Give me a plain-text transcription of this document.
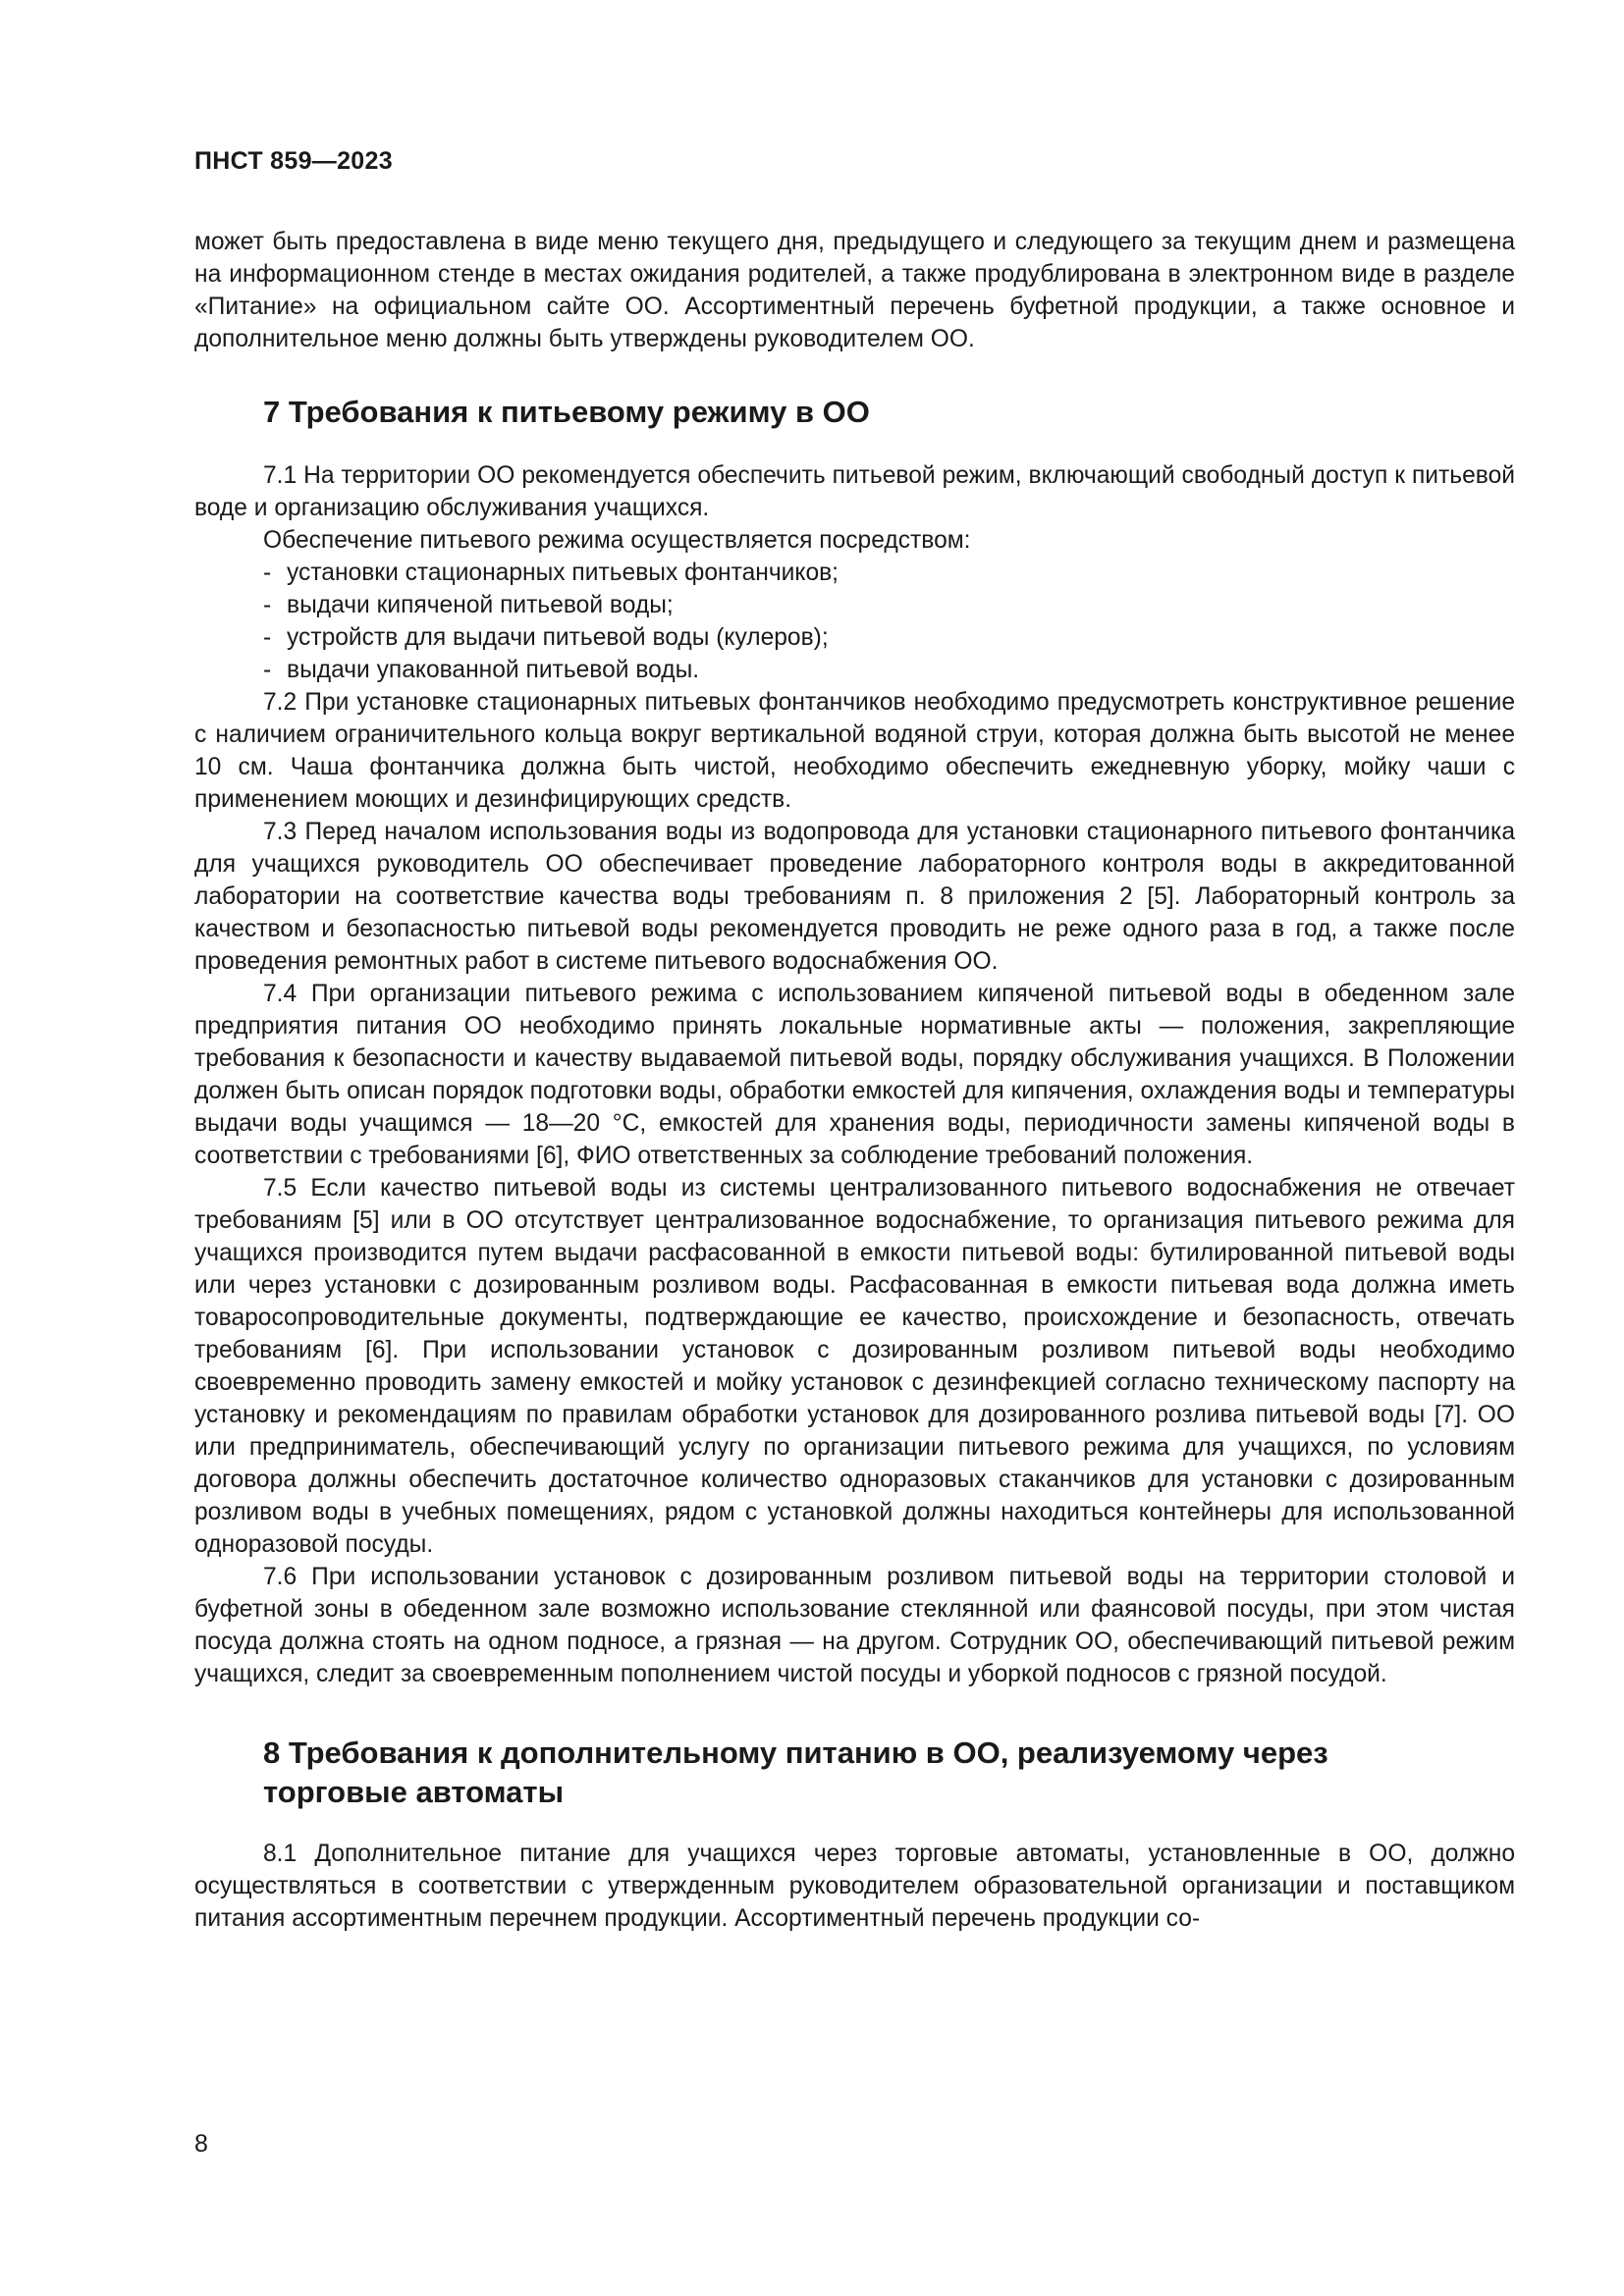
ПНСТ 859—2023

может быть предоставлена в виде меню текущего дня, предыдущего и следующего за текущим днем и размещена на информационном стенде в местах ожидания родителей, а также продублирована в электронном виде в разделе «Питание» на официальном сайте ОО. Ассортиментный перечень буфетной продукции, а также основное и дополнительное меню должны быть утверждены руководителем ОО.

7 Требования к питьевому режиму в ОО

7.1 На территории ОО рекомендуется обеспечить питьевой режим, включающий свободный доступ к питьевой воде и организацию обслуживания учащихся.

Обеспечение питьевого режима осуществляется посредством:

- установки стационарных питьевых фонтанчиков;

- выдачи кипяченой питьевой воды;

- устройств для выдачи питьевой воды (кулеров);

- выдачи упакованной питьевой воды.

7.2 При установке стационарных питьевых фонтанчиков необходимо предусмотреть конструктивное решение с наличием ограничительного кольца вокруг вертикальной водяной струи, которая должна быть высотой не менее 10 см. Чаша фонтанчика должна быть чистой, необходимо обеспечить ежедневную уборку, мойку чаши с применением моющих и дезинфицирующих средств.

7.3 Перед началом использования воды из водопровода для установки стационарного питьевого фонтанчика для учащихся руководитель ОО обеспечивает проведение лабораторного контроля воды в аккредитованной лаборатории на соответствие качества воды требованиям п. 8 приложения 2 [5]. Лабораторный контроль за качеством и безопасностью питьевой воды рекомендуется проводить не реже одного раза в год, а также после проведения ремонтных работ в системе питьевого водоснабжения ОО.

7.4 При организации питьевого режима с использованием кипяченой питьевой воды в обеденном зале предприятия питания ОО необходимо принять локальные нормативные акты — положения, закрепляющие требования к безопасности и качеству выдаваемой питьевой воды, порядку обслуживания учащихся. В Положении должен быть описан порядок подготовки воды, обработки емкостей для кипячения, охлаждения воды и температуры выдачи воды учащимся — 18—20 °С, емкостей для хранения воды, периодичности замены кипяченой воды в соответствии с требованиями [6], ФИО ответственных за соблюдение требований положения.

7.5 Если качество питьевой воды из системы централизованного питьевого водоснабжения не отвечает требованиям [5] или в ОО отсутствует централизованное водоснабжение, то организация питьевого режима для учащихся производится путем выдачи расфасованной в емкости питьевой воды: бутилированной питьевой воды или через установки с дозированным розливом воды. Расфасованная в емкости питьевая вода должна иметь товаросопроводительные документы, подтверждающие ее качество, происхождение и безопасность, отвечать требованиям [6]. При использовании установок с дозированным розливом питьевой воды необходимо своевременно проводить замену емкостей и мойку установок с дезинфекцией согласно техническому паспорту на установку и рекомендациям по правилам обработки установок для дозированного розлива питьевой воды [7]. ОО или предприниматель, обеспечивающий услугу по организации питьевого режима для учащихся, по условиям договора должны обеспечить достаточное количество одноразовых стаканчиков для установки с дозированным розливом воды в учебных помещениях, рядом с установкой должны находиться контейнеры для использованной одноразовой посуды.

7.6 При использовании установок с дозированным розливом питьевой воды на территории столовой и буфетной зоны в обеденном зале возможно использование стеклянной или фаянсовой посуды, при этом чистая посуда должна стоять на одном подносе, а грязная — на другом. Сотрудник ОО, обеспечивающий питьевой режим учащихся, следит за своевременным пополнением чистой посуды и уборкой подносов с грязной посудой.

8 Требования к дополнительному питанию в ОО, реализуемому через торговые автоматы

8.1 Дополнительное питание для учащихся через торговые автоматы, установленные в ОО, должно осуществляться в соответствии с утвержденным руководителем образовательной организации и поставщиком питания ассортиментным перечнем продукции. Ассортиментный перечень продукции со-

8
